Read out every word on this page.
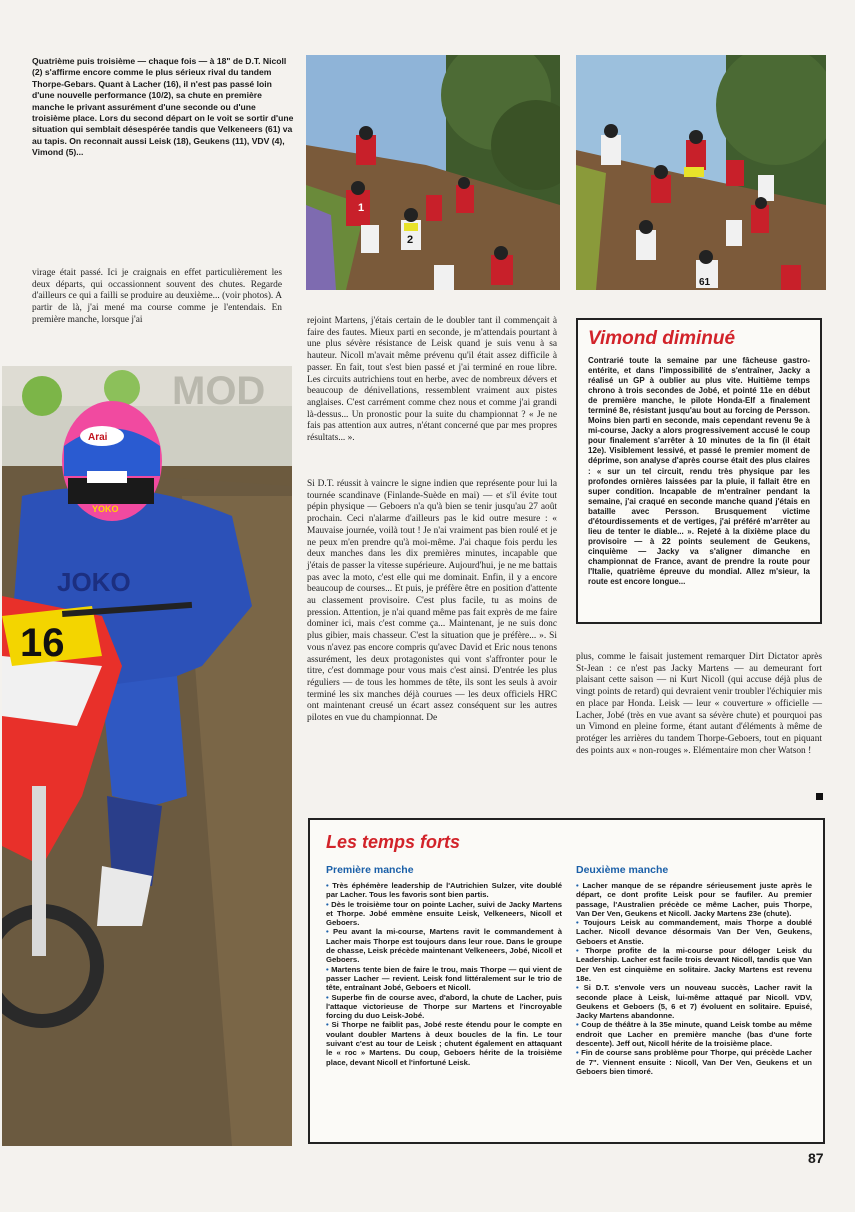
Quatrième puis troisième — chaque fois — à 18" de D.T. Nicoll (2) s'affirme encore comme le plus sérieux rival du tandem Thorpe-Gebars. Quant à Lacher (16), il n'est pas passé loin d'une nouvelle performance (10/2), sa chute en première manche le privant assurément d'une seconde ou d'une troisième place. Lors du second départ on le voit se sortir d'une situation qui semblait désespérée tandis que Velkeneers (61) va au tapis. On reconnait aussi Leisk (18), Geukens (11), VDV (4), Vimond (5)...

1
2
61
MOD
Arai
YOKO
JOKO
16

virage était passé. Ici je craignais en effet particulièrement les deux départs, qui occassionnent souvent des chutes. Regarde d'ailleurs ce qui a failli se produire au deuxième... (voir photos). A partir de là, j'ai mené ma course comme je l'entendais. En première manche, lorsque j'ai	rejoint Martens, j'étais certain de le doubler tant il commençait à faire des fautes. Mieux parti en seconde, je m'attendais pourtant à une plus sévère résistance de Leisk quand je suis venu à sa hauteur. Nicoll m'avait même prévenu qu'il était assez difficile à passer. En fait, tout s'est bien passé et j'ai terminé en roue libre. Les circuits autrichiens tout en herbe, avec de nombreux dévers et beaucoup de dénivellations, ressemblent vraiment aux pistes anglaises. C'est carrément comme chez nous et comme j'ai grandi là-dessus... Un pronostic pour la suite du championnat ? « Je ne fais pas attention aux autres, n'étant concerné que par mes propres résultats... ».

Si D.T. réussit à vaincre le signe indien que représente pour lui la tournée scandinave (Finlande-Suède en mai) — et s'il évite tout pépin physique — Geboers n'a qu'à bien se tenir jusqu'au 27 août prochain. Ceci n'alarme d'ailleurs pas le kid outre mesure : « Mauvaise journée, voilà tout ! Je n'ai vraiment pas bien roulé et je ne peux m'en prendre qu'à moi-même. J'ai chaque fois perdu les deux manches dans les dix premières minutes, incapable que j'étais de passer la vitesse supérieure. Aujourd'hui, je ne me battais pas avec la moto, c'est elle qui me dominait. Enfin, il y a encore beaucoup de courses... Et puis, je préfère être en position d'attente au classement provisoire. C'est plus facile, tu as moins de pression. Attention, je n'ai quand même pas fait exprès de me faire dominer ici, mais c'est comme ça... Maintenant, je ne suis donc plus gibier, mais chasseur. C'est la situation que je préfère... ». Si vous n'avez pas encore compris qu'avec David et Eric nous tenons assurément, les deux protagonistes qui vont s'affronter pour le titre, c'est dommage pour vous mais c'est ainsi. D'entrée les plus réguliers — de tous les hommes de tête, ils sont les seuls à avoir terminé les six manches déjà courues — les deux officiels HRC ont maintenant creusé un écart assez conséquent sur les autres pilotes en vue du championnat. De

Vimond diminué

Contrarié toute la semaine par une fâcheuse gastro-entérite, et dans l'impossibilité de s'entraîner, Jacky a réalisé un GP à oublier au plus vite. Huitième temps chrono à trois secondes de Jobé, et pointé 11e en début de première manche, le pilote Honda-Elf a finalement terminé 8e, résistant jusqu'au bout au forcing de Persson. Moins bien parti en seconde, mais cependant revenu 9e à mi-course, Jacky a alors progressivement accusé le coup pour finalement s'arrêter à 10 minutes de la fin (il était 12e). Visiblement lessivé, et passé le premier moment de déprime, son analyse d'après course était des plus claires : « sur un tel circuit, rendu très physique par les profondes ornières laissées par la pluie, il fallait être en super condition. Incapable de m'entraîner pendant la semaine, j'ai craqué en seconde manche quand j'étais en bataille avec Persson. Brusquement victime d'étourdissements et de vertiges, j'ai préféré m'arrêter au lieu de tenter le diable... ». Rejeté à la dixième place du provisoire — à 22 points seulement de Geukens, cinquième — Jacky va s'aligner dimanche en championnat de France, avant de prendre la route pour l'Italie, quatrième épreuve du mondial. Allez m'sieur, la route est encore longue...

plus, comme le faisait justement remarquer Dirt Dictator après St-Jean : ce n'est pas Jacky Martens — au demeurant fort plaisant cette saison — ni Kurt Nicoll (qui accuse déjà plus de vingt points de retard) qui devraient venir troubler l'échiquier mis en place par Honda. Leisk — leur « couverture » officielle — Lacher, Jobé (très en vue avant sa sévère chute) et pourquoi pas un Vimond en pleine forme, étant autant d'éléments à même de protéger les arrières du tandem Thorpe-Geboers, tout en piquant des points aux « non-rouges ». Elémentaire mon cher Watson !

Les temps forts
Première manche
• Très éphémère leadership de l'Autrichien Sulzer, vite doublé par Lacher. Tous les favoris sont bien partis.
• Dès le troisième tour on pointe Lacher, suivi de Jacky Martens et Thorpe. Jobé emmène ensuite Leisk, Velkeneers, Nicoll et Geboers.
• Peu avant la mi-course, Martens ravit le commandement à Lacher mais Thorpe est toujours dans leur roue. Dans le groupe de chasse, Leisk précède maintenant Velkeneers, Jobé, Nicoll et Geboers.
• Martens tente bien de faire le trou, mais Thorpe — qui vient de passer Lacher — revient. Leisk fond littéralement sur le trio de tête, entraînant Jobé, Geboers et Nicoll.
• Superbe fin de course avec, d'abord, la chute de Lacher, puis l'attaque victorieuse de Thorpe sur Martens et l'incroyable forcing du duo Leisk-Jobé.
• Si Thorpe ne faiblit pas, Jobé reste étendu pour le compte en voulant doubler Martens à deux boucles de la fin. Le tour suivant c'est au tour de Leisk ; chutent également en attaquant le « roc » Martens. Du coup, Geboers hérite de la troisième place, devant Nicoll et l'infortuné Leisk.
Deuxième manche
• Lacher manque de se répandre sérieusement juste après le départ, ce dont profite Leisk pour se faufiler. Au premier passage, l'Australien précède ce même Lacher, puis Thorpe, Van Der Ven, Geukens et Nicoll. Jacky Martens 23e (chute).
• Toujours Leisk au commandement, mais Thorpe a doublé Lacher. Nicoll devance désormais Van Der Ven, Geukens, Geboers et Anstie.
• Thorpe profite de la mi-course pour déloger Leisk du Leadership. Lacher est facile trois devant Nicoll, tandis que Van Der Ven est cinquième en solitaire. Jacky Martens est revenu 18e.
• Si D.T. s'envole vers un nouveau succès, Lacher ravit la seconde place à Leisk, lui-même attaqué par Nicoll. VDV, Geukens et Geboers (5, 6 et 7) évoluent en solitaire. Epuisé, Jacky Martens abandonne.
• Coup de théâtre à la 35e minute, quand Leisk tombe au même endroit que Lacher en première manche (bas d'une forte descente). Jeff out, Nicoll hérite de la troisième place.
• Fin de course sans problème pour Thorpe, qui précède Lacher de 7". Viennent ensuite : Nicoll, Van Der Ven, Geukens et un Geboers bien timoré.
87
